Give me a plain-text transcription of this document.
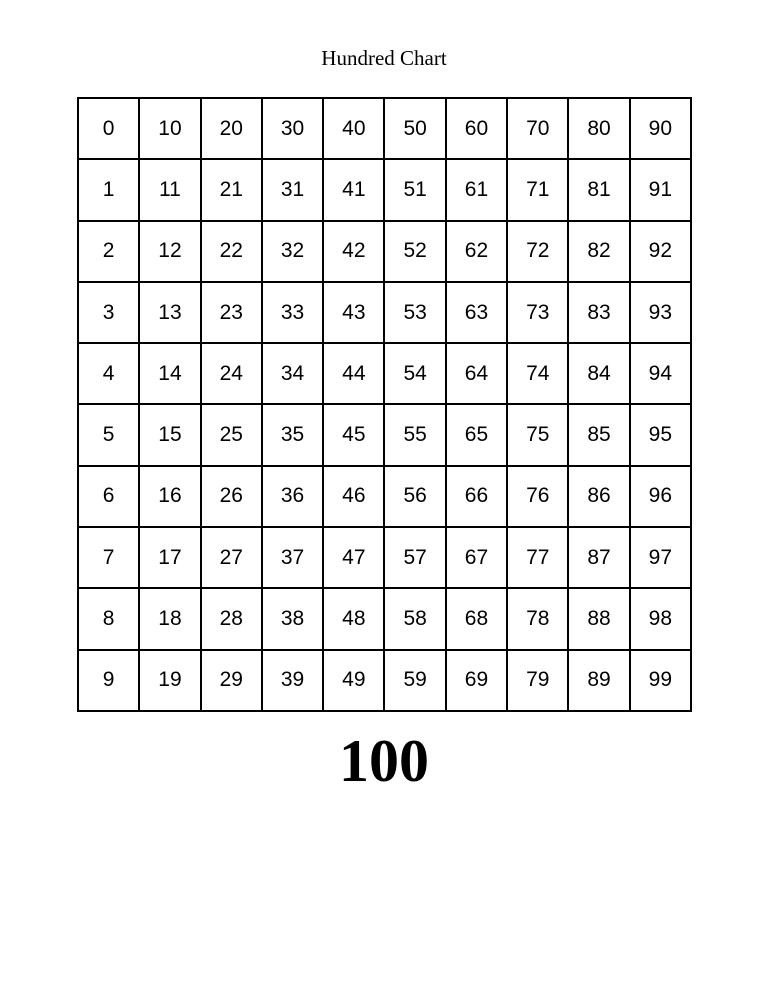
Hundred Chart
0	10	20	30	40	50	60	70	80	90
1	11	21	31	41	51	61	71	81	91
2	12	22	32	42	52	62	72	82	92
3	13	23	33	43	53	63	73	83	93
4	14	24	34	44	54	64	74	84	94
5	15	25	35	45	55	65	75	85	95
6	16	26	36	46	56	66	76	86	96
7	17	27	37	47	57	67	77	87	97
8	18	28	38	48	58	68	78	88	98
9	19	29	39	49	59	69	79	89	99
100
